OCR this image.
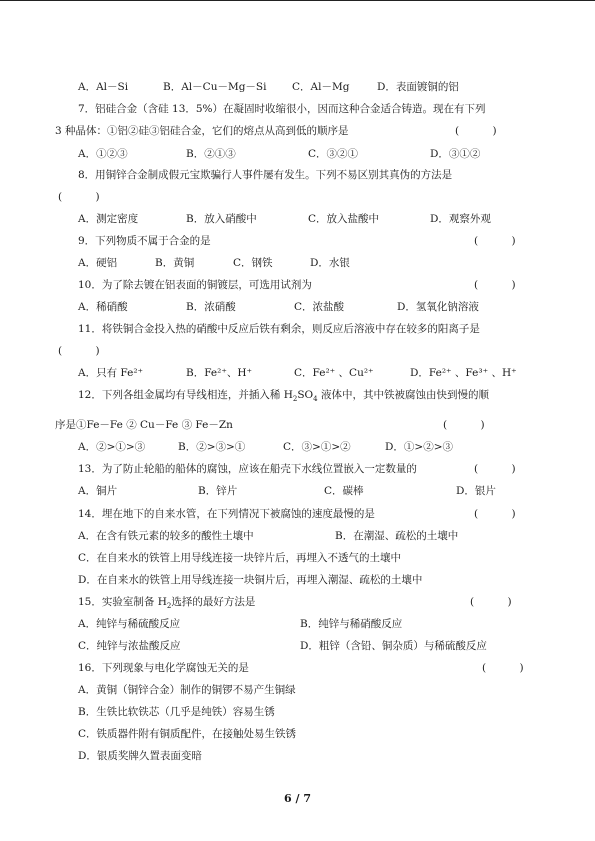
A．Al－Si	B．Al－Cu－Mg－Si C．Al－Mg	D．表面镀铜的铝
7．铝硅合金（含硅 13．5%）在凝固时收缩很小，因而这种合金适合铸造。现在有下列
3 种晶体：①铝②硅③铝硅合金，它们的熔点从高到低的顺序是	(          )
A．①②③	B．②①③	C．③②①	D．③①②
8．用铜锌合金制成假元宝欺骗行人事件屡有发生。下列不易区别其真伪的方法是
(          )
A．测定密度	B．放入硝酸中	C．放入盐酸中	D．观察外观
9．下列物质不属于合金的是	(          )
A．硬铝	B．黄铜	C．钢铁	D．水银
10．为了除去镀在铝表面的铜镀层，可选用试剂为	(          )
A．稀硝酸	B．浓硝酸	C．浓盐酸	D．氢氧化钠溶液
11．将铁铜合金投入热的硝酸中反应后铁有剩余，则反应后溶液中存在较多的阳离子是
(          )
A．只有 Fe²⁺	B．Fe²⁺、H⁺	C．Fe²⁺ 、Cu²⁺	D．Fe²⁺ 、Fe³⁺ 、H⁺
12．下列各组金属均有导线相连，并插入稀 $H_2SO_4$ 液体中，其中铁被腐蚀由快到慢的顺
序是①Fe－Fe ② Cu－Fe ③ Fe－Zn	(          )
A．②>①>③	B．②>③>①	C．③>①>②	D．①>②>③
13．为了防止轮船的船体的腐蚀，应该在船壳下水线位置嵌入一定数量的	(          )
A．铜片	B．锌片	C．碳棒	D．银片
14．埋在地下的自来水管，在下列情况下被腐蚀的速度最慢的是	(          )
A．在含有铁元素的较多的酸性土壤中	B．在潮湿、疏松的土壤中
C．在自来水的铁管上用导线连接一块锌片后，再埋入不透气的土壤中
D．在自来水的铁管上用导线连接一块铜片后，再埋入潮湿、疏松的土壤中
15．实验室制备 $H_2$选择的最好方法是	(          )
A．纯锌与稀硫酸反应	B．纯锌与稀硝酸反应
C．纯锌与浓盐酸反应	D．粗锌（含铅、铜杂质）与稀硫酸反应
16．下列现象与电化学腐蚀无关的是	(          )
A．黄铜（铜锌合金）制作的铜锣不易产生铜绿
B．生铁比软铁芯（几乎是纯铁）容易生锈
C．铁质器件附有铜质配件，在接触处易生铁锈
D．银质奖牌久置表面变暗
6 / 7
